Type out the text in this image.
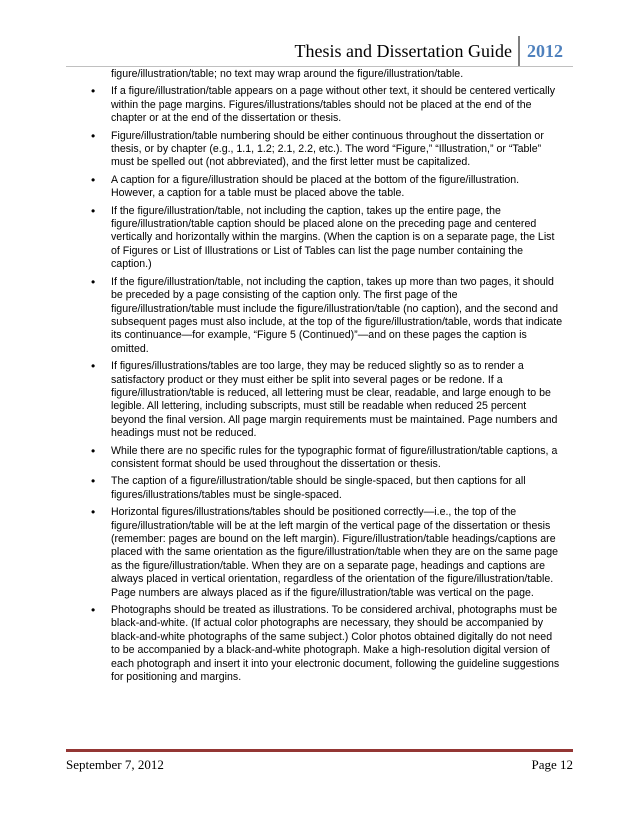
Thesis and Dissertation Guide 2012
figure/illustration/table; no text may wrap around the figure/illustration/table.
• If a figure/illustration/table appears on a page without other text, it should be centered vertically within the page margins. Figures/illustrations/tables should not be placed at the end of the chapter or at the end of the dissertation or thesis.
• Figure/illustration/table numbering should be either continuous throughout the dissertation or thesis, or by chapter (e.g., 1.1, 1.2; 2.1, 2.2, etc.). The word “Figure,” “Illustration,” or “Table” must be spelled out (not abbreviated), and the first letter must be capitalized.
• A caption for a figure/illustration should be placed at the bottom of the figure/illustration. However, a caption for a table must be placed above the table.
• If the figure/illustration/table, not including the caption, takes up the entire page, the figure/illustration/table caption should be placed alone on the preceding page and centered vertically and horizontally within the margins. (When the caption is on a separate page, the List of Figures or List of Illustrations or List of Tables can list the page number containing the caption.)
• If the figure/illustration/table, not including the caption, takes up more than two pages, it should be preceded by a page consisting of the caption only. The first page of the figure/illustration/table must include the figure/illustration/table (no caption), and the second and subsequent pages must also include, at the top of the figure/illustration/table, words that indicate its continuance—for example, “Figure 5 (Continued)”—and on these pages the caption is omitted.
• If figures/illustrations/tables are too large, they may be reduced slightly so as to render a satisfactory product or they must either be split into several pages or be redone. If a figure/illustration/table is reduced, all lettering must be clear, readable, and large enough to be legible. All lettering, including subscripts, must still be readable when reduced 25 percent beyond the final version. All page margin requirements must be maintained. Page numbers and headings must not be reduced.
• While there are no specific rules for the typographic format of figure/illustration/table captions, a consistent format should be used throughout the dissertation or thesis.
• The caption of a figure/illustration/table should be single-spaced, but then captions for all figures/illustrations/tables must be single-spaced.
• Horizontal figures/illustrations/tables should be positioned correctly—i.e., the top of the figure/illustration/table will be at the left margin of the vertical page of the dissertation or thesis (remember: pages are bound on the left margin). Figure/illustration/table headings/captions are placed with the same orientation as the figure/illustration/table when they are on the same page as the figure/illustration/table. When they are on a separate page, headings and captions are always placed in vertical orientation, regardless of the orientation of the figure/illustration/table. Page numbers are always placed as if the figure/illustration/table was vertical on the page.
• Photographs should be treated as illustrations. To be considered archival, photographs must be black-and-white. (If actual color photographs are necessary, they should be accompanied by black-and-white photographs of the same subject.) Color photos obtained digitally do not need to be accompanied by a black-and-white photograph. Make a high-resolution digital version of each photograph and insert it into your electronic document, following the guideline suggestions for positioning and margins.
September 7, 2012	Page 12
